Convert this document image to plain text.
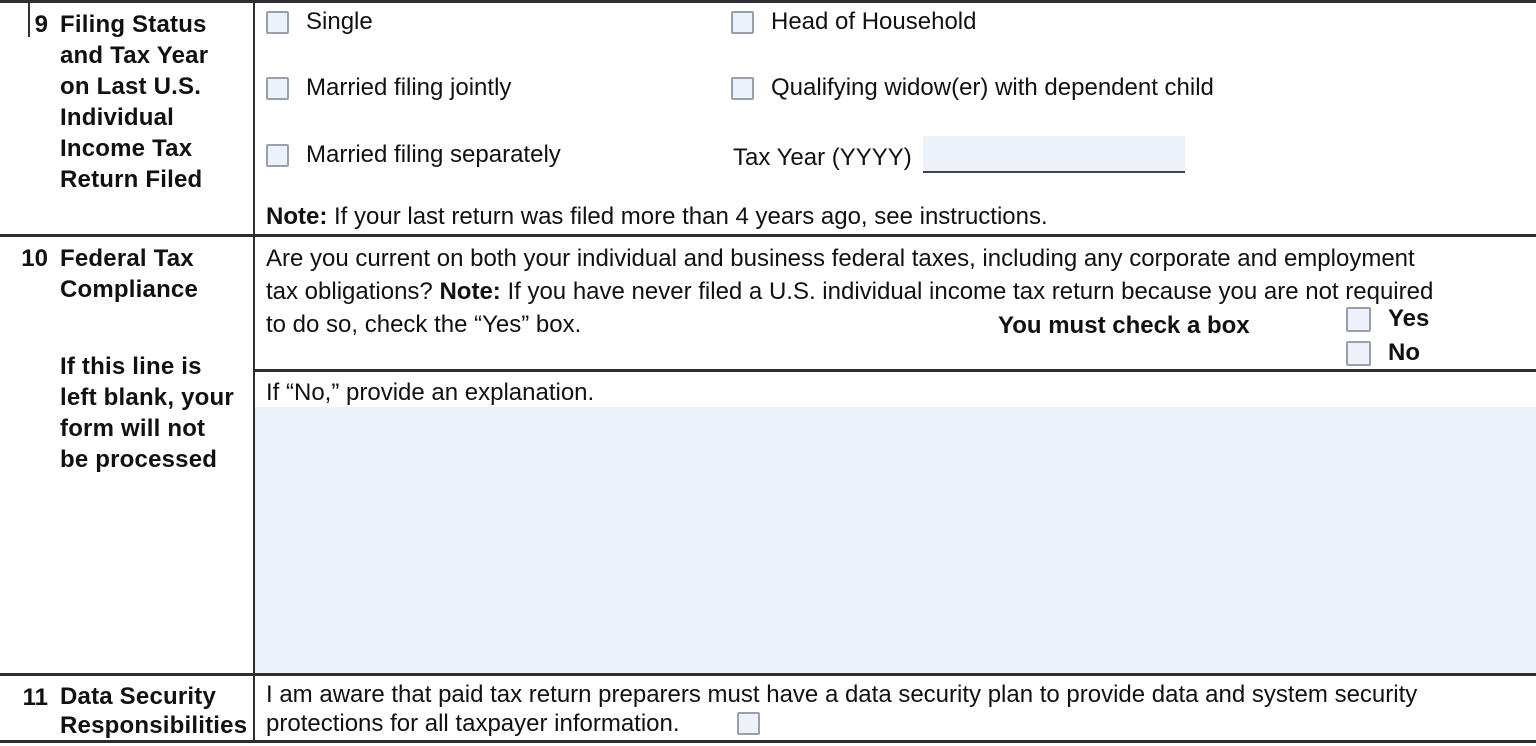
9 Filing Status
and Tax Year
on Last U.S.
Individual
Income Tax
Return Filed
Single	Head of Household
Married filing jointly	Qualifying widow(er) with dependent child
Married filing separately	Tax Year (YYYY)
Note: If your last return was filed more than 4 years ago, see instructions.
10 Federal Tax
Compliance
If this line is
left blank, your
form will not
be processed
Are you current on both your individual and business federal taxes, including any corporate and employment
tax obligations? Note: If you have never filed a U.S. individual income tax return because you are not required
to do so, check the “Yes” box.	You must check a box	Yes
No
If “No,” provide an explanation.
11 Data Security
Responsibilities
I am aware that paid tax return preparers must have a data security plan to provide data and system security
protections for all taxpayer information.
